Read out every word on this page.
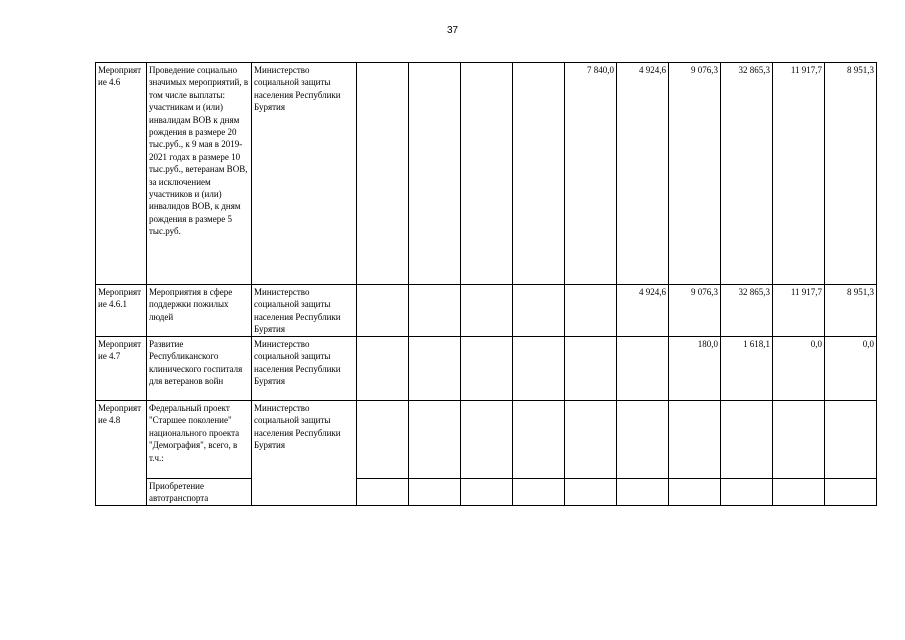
37
Мероприятие 4.6	Проведение социально значимых мероприятий, в том числе выплаты: участникам и (или) инвалидам ВОВ к дням рождения в размере 20 тыс.руб., к 9 мая в 2019-2021 годах в размере 10 тыс.руб., ветеранам ВОВ, за исключением участников и (или) инвалидов ВОВ, к дням рождения в размере 5 тыс.руб.	Министерство социальной защиты населения Республики Бурятия					7 840,0	4 924,6	9 076,3	32 865,3	11 917,7	8 951,3
Мероприятие 4.6.1	Мероприятия в сфере поддержки пожилых людей	Министерство социальной защиты населения Республики Бурятия						4 924,6	9 076,3	32 865,3	11 917,7	8 951,3
Мероприятие 4.7	Развитие Республиканского клинического госпиталя для ветеранов войн	Министерство социальной защиты населения Республики Бурятия							180,0	1 618,1	0,0	0,0
Мероприятие 4.8	Федеральный проект "Старшее поколение" национального проекта "Демография", всего, в т.ч.:	Министерство социальной защиты населения Республики Бурятия										
	Приобретение автотранспорта											
